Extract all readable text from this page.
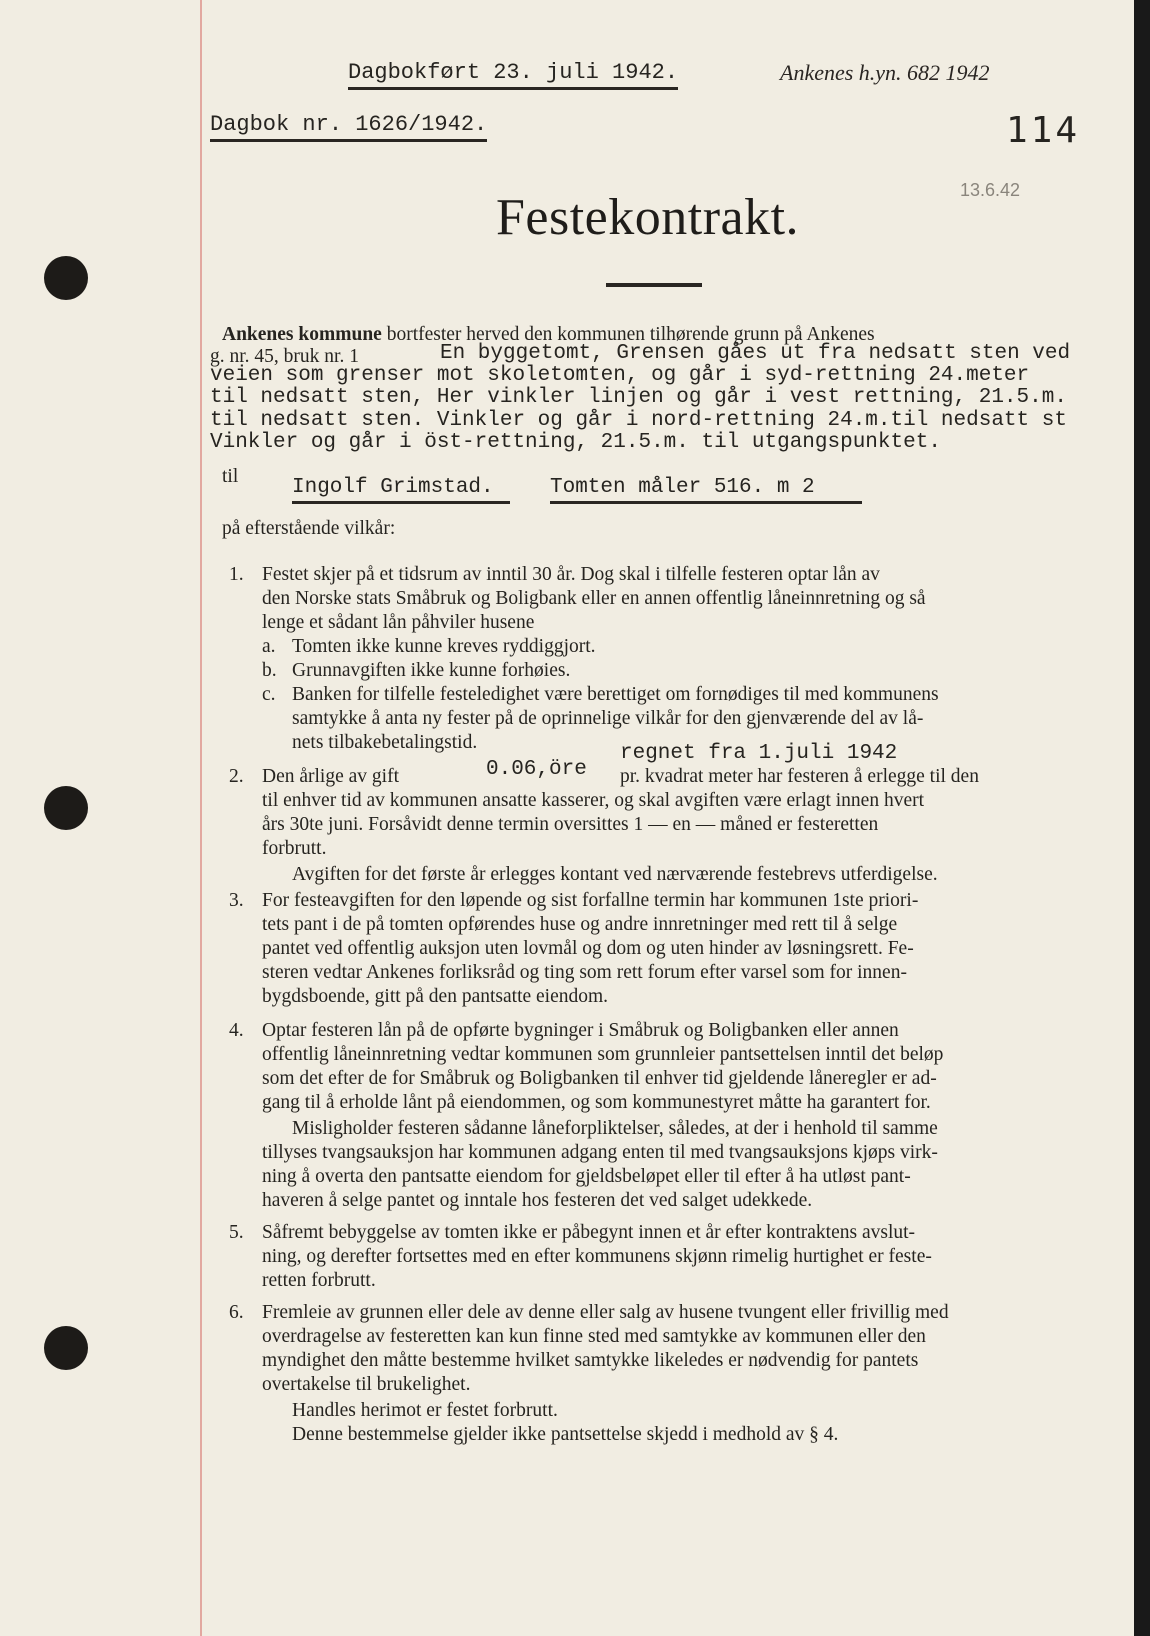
Dagbokført 23. juli 1942.	Ankenes h.yn. 682 1942
Dagbok nr. 1626/1942.	114
13.6.42
Festekontrakt.
Ankenes kommune bortfester herved den kommunen tilhørende grunn på Ankenes
g. nr. 45, bruk nr. 1	En byggetomt, Grensen gåes ut fra nedsatt sten ved
veien som grenser mot skoletomten, og går i syd-rettning 24.meter
til nedsatt sten, Her vinkler linjen og går i vest rettning, 21.5.m.
til nedsatt sten. Vinkler og går i nord-rettning 24.m.til nedsatt st
Vinkler og går i öst-rettning, 21.5.m. til utgangspunktet.
til	Ingolf Grimstad.	Tomten måler 516. m 2
på efterstående vilkår:
1. Festet skjer på et tidsrum av inntil 30 år. Dog skal i tilfelle festeren optar lån av
den Norske stats Småbruk og Boligbank eller en annen offentlig låneinnretning og så
lenge et sådant lån påhviler husene
a. Tomten ikke kunne kreves ryddiggjort.
b. Grunnavgiften ikke kunne forhøies.
c. Banken for tilfelle festeledighet være berettiget om fornødiges til med kommunens
samtykke å anta ny fester på de oprinnelige vilkår for den gjenværende del av lå-
nets tilbakebetalingstid.	regnet fra 1.juli 1942
0.06,öre
2. Den årlige av gift	pr. kvadrat meter har festeren å erlegge til den
til enhver tid av kommunen ansatte kasserer, og skal avgiften være erlagt innen hvert
års 30te juni. Forsåvidt denne termin oversittes 1 — en — måned er festeretten
forbrutt.
Avgiften for det første år erlegges kontant ved nærværende festebrevs utferdigelse.
3. For festeavgiften for den løpende og sist forfallne termin har kommunen 1ste priori-
tets pant i de på tomten opførendes huse og andre innretninger med rett til å selge
pantet ved offentlig auksjon uten lovmål og dom og uten hinder av løsningsrett. Fe-
steren vedtar Ankenes forliksråd og ting som rett forum efter varsel som for innen-
bygdsboende, gitt på den pantsatte eiendom.
4. Optar festeren lån på de opførte bygninger i Småbruk og Boligbanken eller annen
offentlig låneinnretning vedtar kommunen som grunnleier pantsettelsen inntil det beløp
som det efter de for Småbruk og Boligbanken til enhver tid gjeldende låneregler er ad-
gang til å erholde lånt på eiendommen, og som kommunestyret måtte ha garantert for.
Misligholder festeren sådanne låneforpliktelser, således, at der i henhold til samme
tillyses tvangsauksjon har kommunen adgang enten til med tvangsauksjons kjøps virk-
ning å overta den pantsatte eiendom for gjeldsbeløpet eller til efter å ha utløst pant-
haveren å selge pantet og inntale hos festeren det ved salget udekkede.
5. Såfremt bebyggelse av tomten ikke er påbegynt innen et år efter kontraktens avslut-
ning, og derefter fortsettes med en efter kommunens skjønn rimelig hurtighet er feste-
retten forbrutt.
6. Fremleie av grunnen eller dele av denne eller salg av husene tvungent eller frivillig med
overdragelse av festeretten kan kun finne sted med samtykke av kommunen eller den
myndighet den måtte bestemme hvilket samtykke likeledes er nødvendig for pantets
overtakelse til brukelighet.
Handles herimot er festet forbrutt.
Denne bestemmelse gjelder ikke pantsettelse skjedd i medhold av § 4.
